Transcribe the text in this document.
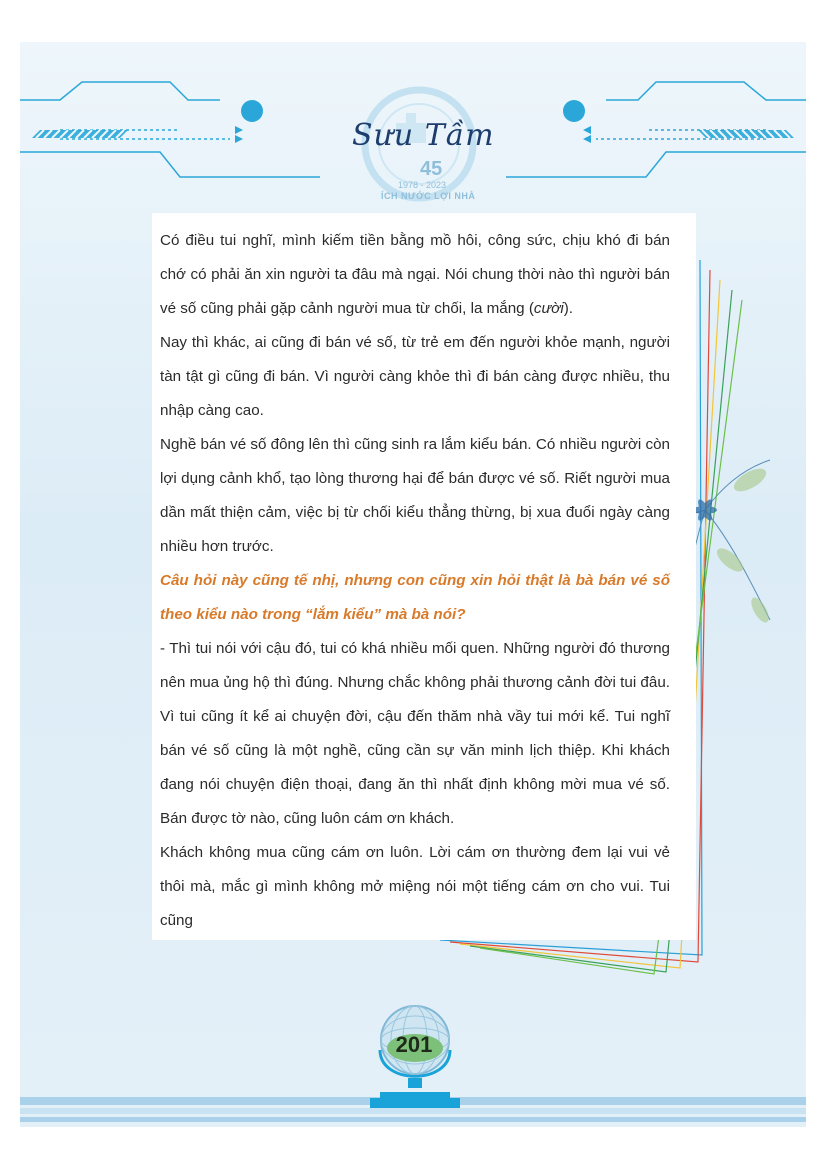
Sưu Tầm
45
1978 - 2023
ÍCH NƯỚC LỢI NHÀ

Có điều tui nghĩ, mình kiếm tiền bằng mồ hôi, công sức, chịu khó đi bán chớ có phải ăn xin người ta đâu mà ngại. Nói chung thời nào thì người bán vé số cũng phải gặp cảnh người mua từ chối, la mắng (cười).

Nay thì khác, ai cũng đi bán vé số, từ trẻ em đến người khỏe mạnh, người tàn tật gì cũng đi bán. Vì người càng khỏe thì đi bán càng được nhiều, thu nhập càng cao.

Nghề bán vé số đông lên thì cũng sinh ra lắm kiểu bán. Có nhiều người còn lợi dụng cảnh khổ, tạo lòng thương hại để bán được vé số. Riết người mua dần mất thiện cảm, việc bị từ chối kiểu thẳng thừng, bị xua đuổi ngày càng nhiều hơn trước.

Câu hỏi này cũng tế nhị, nhưng con cũng xin hỏi thật là bà bán vé số theo kiểu nào trong “lắm kiểu” mà bà nói?

- Thì tui nói với cậu đó, tui có khá nhiều mối quen. Những người đó thương nên mua ủng hộ thì đúng. Nhưng chắc không phải thương cảnh đời tui đâu. Vì tui cũng ít kể ai chuyện đời, cậu đến thăm nhà vầy tui mới kể. Tui nghĩ bán vé số cũng là một nghề, cũng cần sự văn minh lịch thiệp. Khi khách đang nói chuyện điện thoại, đang ăn thì nhất định không mời mua vé số. Bán được tờ nào, cũng luôn cám ơn khách.

Khách không mua cũng cám ơn luôn. Lời cám ơn thường đem lại vui vẻ thôi mà, mắc gì mình không mở miệng nói một tiếng cám ơn cho vui. Tui cũng

201
